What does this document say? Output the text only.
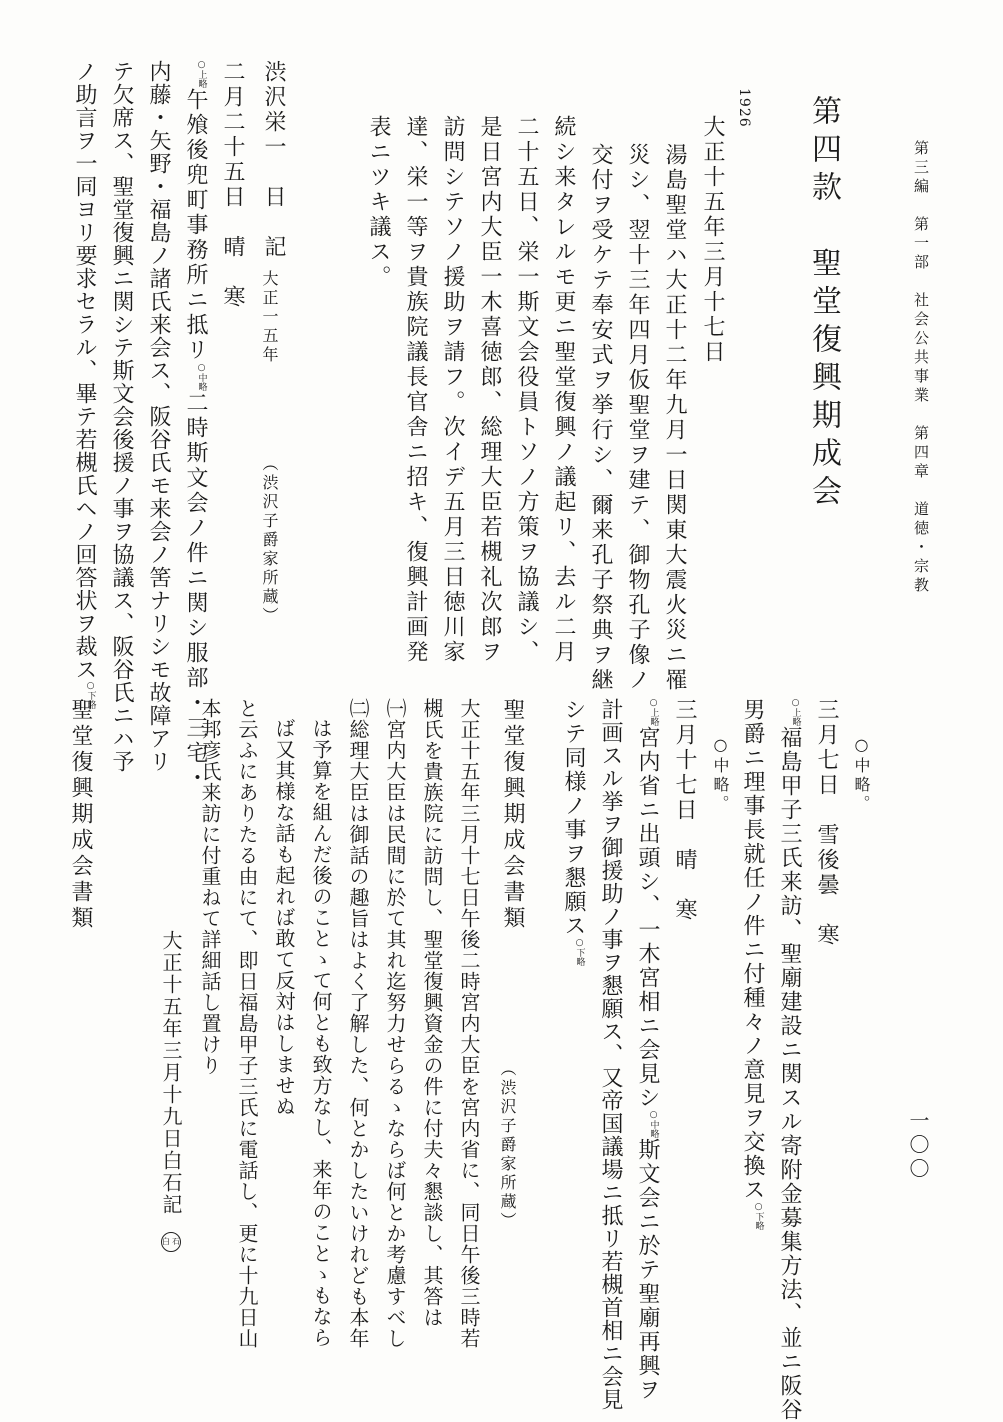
第三編　第一部　社会公共事業　第四章　道徳・宗教
一〇〇
第四款　聖堂復興期成会
1926
大正十五年三月十七日
湯島聖堂ハ大正十二年九月一日関東大震火災ニ罹
災シ、翌十三年四月仮聖堂ヲ建テ、御物孔子像ノ
交付ヲ受ケテ奉安式ヲ挙行シ、爾来孔子祭典ヲ継
続シ来タレルモ更ニ聖堂復興ノ議起リ、去ル二月
二十五日、栄一斯文会役員トソノ方策ヲ協議シ、
是日宮内大臣一木喜徳郎、総理大臣若槻礼次郎ヲ
訪問シテソノ援助ヲ請フ。次イデ五月三日徳川家
達、栄一等ヲ貴族院議長官舎ニ招キ、復興計画発
表ニツキ議ス。
渋沢栄一　日　記
大正一五年
（渋沢子爵家所蔵）
二月二十五日　晴　寒
○上略午飧後兜町事務所ニ抵リ○中略二時斯文会ノ件ニ関シ服部・三宅・
内藤・矢野・福島ノ諸氏来会ス、阪谷氏モ来会ノ筈ナリシモ故障アリ
テ欠席ス、聖堂復興ニ関シテ斯文会後援ノ事ヲ協議ス、阪谷氏ニハ予
ノ助言ヲ一同ヨリ要求セラル、畢テ若槻氏ヘノ回答状ヲ裁ス○下略
○中略。
三月七日　雪後曇　寒
○上略福島甲子三氏来訪、聖廟建設ニ関スル寄附金募集方法、並ニ阪谷
男爵ニ理事長就任ノ件ニ付種々ノ意見ヲ交換ス○下略
○中略。
三月十七日　晴　寒
○上略宮内省ニ出頭シ、一木宮相ニ会見シ○中略斯文会ニ於テ聖廟再興ヲ
計画スル挙ヲ御援助ノ事ヲ懇願ス、又帝国議場ニ抵リ若槻首相ニ会見
シテ同様ノ事ヲ懇願ス○下略
聖堂復興期成会書類
（渋沢子爵家所蔵）
大正十五年三月十七日午後二時宮内大臣を宮内省に、同日午後三時若
槻氏を貴族院に訪問し、聖堂復興資金の件に付夫々懇談し、其答は
㈠宮内大臣は民間に於て其れ迄努力せらるゝならば何とか考慮すべし
㈡総理大臣は御話の趣旨はよく了解した、何とかしたいけれども本年
は予算を組んだ後のことゝて何とも致方なし、来年のことゝもなら
ば又其様な話も起れば敢て反対はしませぬ
と云ふにありたる由にて、即日福島甲子三氏に電話し、更に十九日山
本邦彦氏来訪に付重ねて詳細話し置けり
大正十五年三月十九日白石記 白石
聖堂復興期成会書類
